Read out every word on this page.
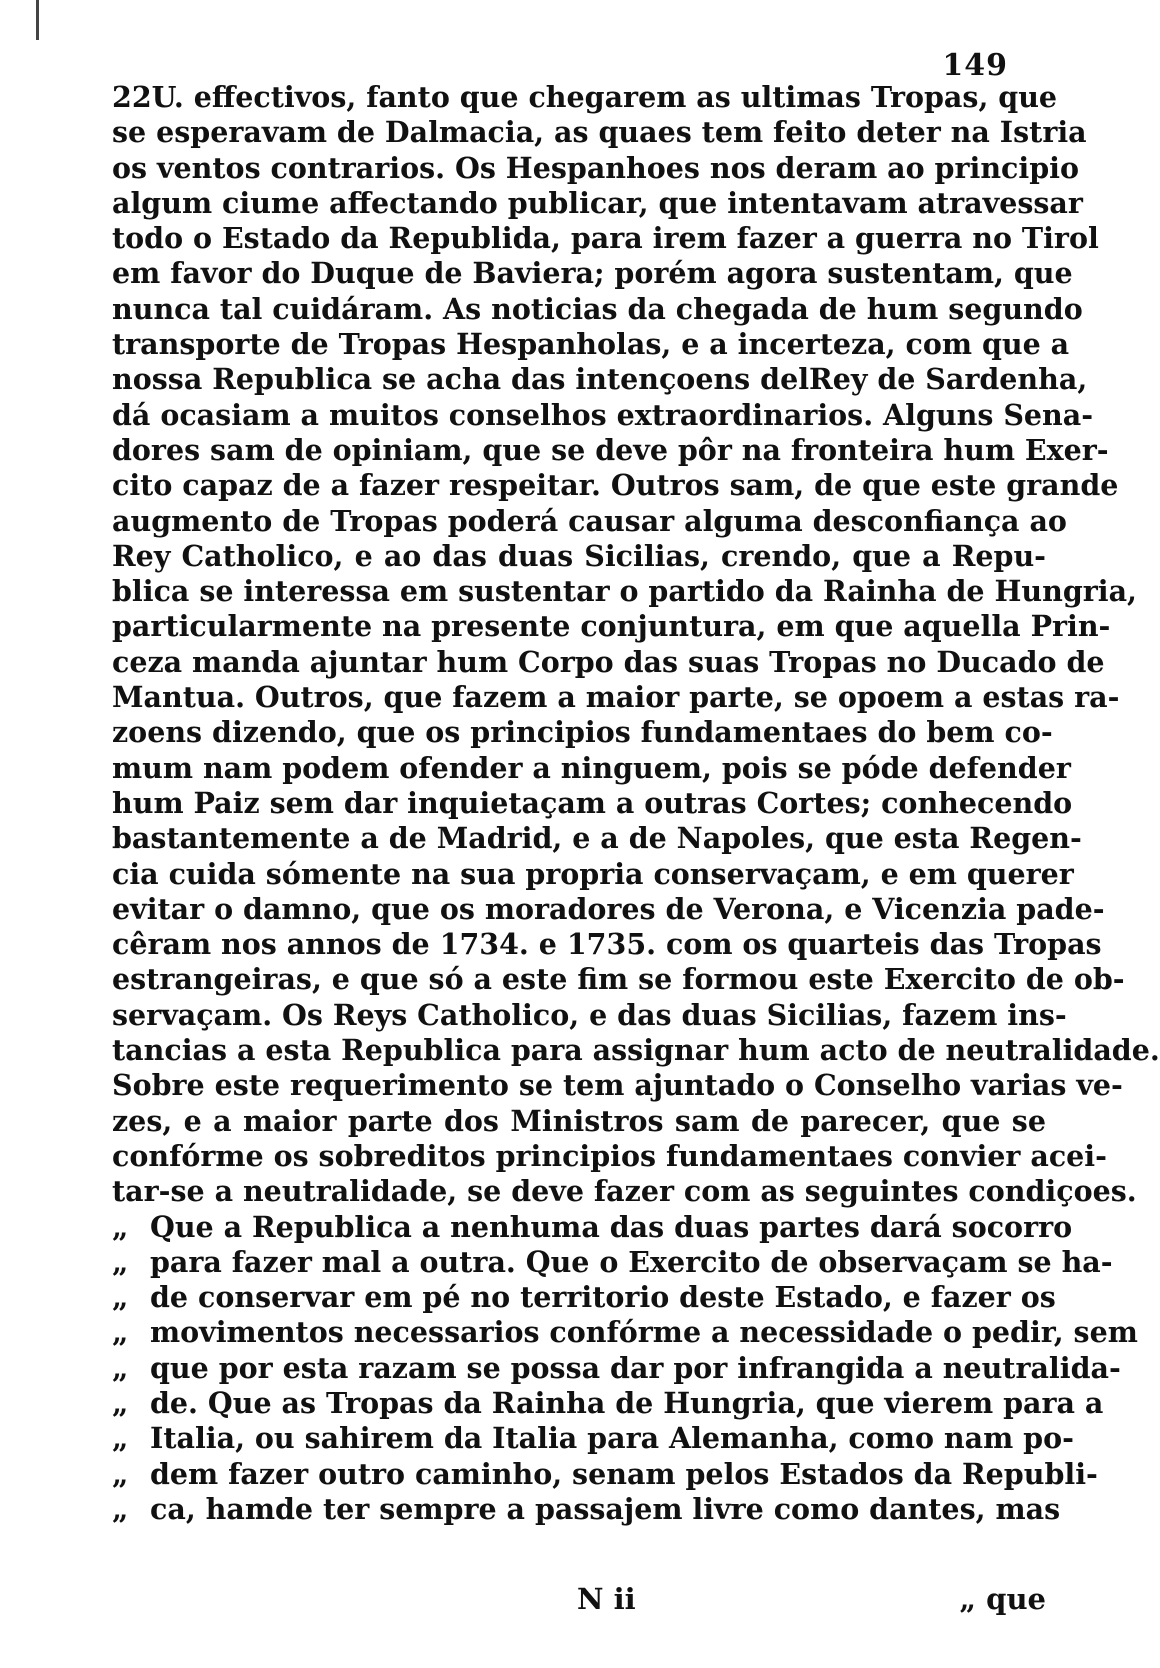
149
22U. effectivos, fanto que chegarem as ultimas Tropas, que
se esperavam de Dalmacia, as quaes tem feito deter na Istria
os ventos contrarios. Os Hespanhoes nos deram ao principio
algum ciume affectando publicar, que intentavam atravessar
todo o Estado da Republida, para irem fazer a guerra no Tirol
em favor do Duque de Baviera; porém agora sustentam, que
nunca tal cuidáram. As noticias da chegada de hum segundo
transporte de Tropas Hespanholas, e a incerteza, com que a
nossa Republica se acha das intençoens delRey de Sardenha,
dá ocasiam a muitos conselhos extraordinarios. Alguns Sena-
dores sam de opiniam, que se deve pôr na fronteira hum Exer-
cito capaz de a fazer respeitar. Outros sam, de que este grande
augmento de Tropas poderá causar alguma desconfiança ao
Rey Catholico, e ao das duas Sicilias, crendo, que a Repu-
blica se interessa em sustentar o partido da Rainha de Hungria,
particularmente na presente conjuntura, em que aquella Prin-
ceza manda ajuntar hum Corpo das suas Tropas no Ducado de
Mantua. Outros, que fazem a maior parte, se opoem a estas ra-
zoens dizendo, que os principios fundamentaes do bem co-
mum nam podem ofender a ninguem, pois se póde defender
hum Paiz sem dar inquietaçam a outras Cortes; conhecendo
bastantemente a de Madrid, e a de Napoles, que esta Regen-
cia cuida sómente na sua propria conservaçam, e em querer
evitar o damno, que os moradores de Verona, e Vicenzia pade-
cêram nos annos de 1734. e 1735. com os quarteis das Tropas
estrangeiras, e que só a este fim se formou este Exercito de ob-
servaçam. Os Reys Catholico, e das duas Sicilias, fazem ins-
tancias a esta Republica para assignar hum acto de neutralidade.
Sobre este requerimento se tem ajuntado o Conselho varias ve-
zes, e a maior parte dos Ministros sam de parecer, que se
confórme os sobreditos principios fundamentaes convier acei-
tar-se a neutralidade, se deve fazer com as seguintes condiçoes.
„ Que a Republica a nenhuma das duas partes dará socorro
„ para fazer mal a outra. Que o Exercito de observaçam se ha-
„ de conservar em pé no territorio deste Estado, e fazer os
„ movimentos necessarios confórme a necessidade o pedir, sem
„ que por esta razam se possa dar por infrangida a neutralida-
„ de. Que as Tropas da Rainha de Hungria, que vierem para a
„ Italia, ou sahirem da Italia para Alemanha, como nam po-
„ dem fazer outro caminho, senam pelos Estados da Republi-
„ ca, hamde ter sempre a passajem livre como dantes, mas
N ii	„ que
